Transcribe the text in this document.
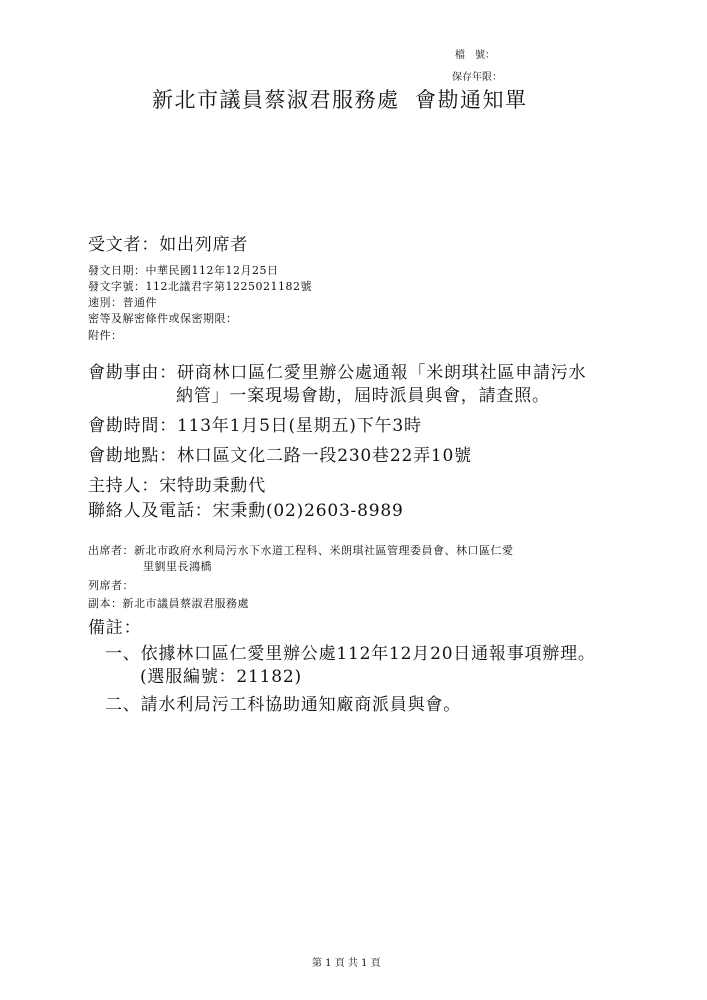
檔　號：
保存年限：
新北市議員蔡淑君服務處 會勘通知單
受文者：如出列席者
發文日期：中華民國112年12月25日
發文字號：112北議君字第1225021182號
速別：普通件
密等及解密條件或保密期限：
附件：
會勘事由：研商林口區仁愛里辦公處通報「米朗琪社區申請污水
納管」一案現場會勘，屆時派員與會，請查照。
會勘時間：113年1月5日(星期五)下午3時
會勘地點：林口區文化二路一段230巷22弄10號
主持人：宋特助秉勳代
聯絡人及電話：宋秉勳(02)2603-8989
出席者：新北市政府水利局污水下水道工程科、米朗琪社區管理委員會、林口區仁愛
里劉里長鴻橋
列席者：
副本：新北市議員蔡淑君服務處
備註：
一、依據林口區仁愛里辦公處112年12月20日通報事項辦理。
(選服編號：21182)
二、請水利局污工科協助通知廠商派員與會。
第 1 頁 共 1 頁
